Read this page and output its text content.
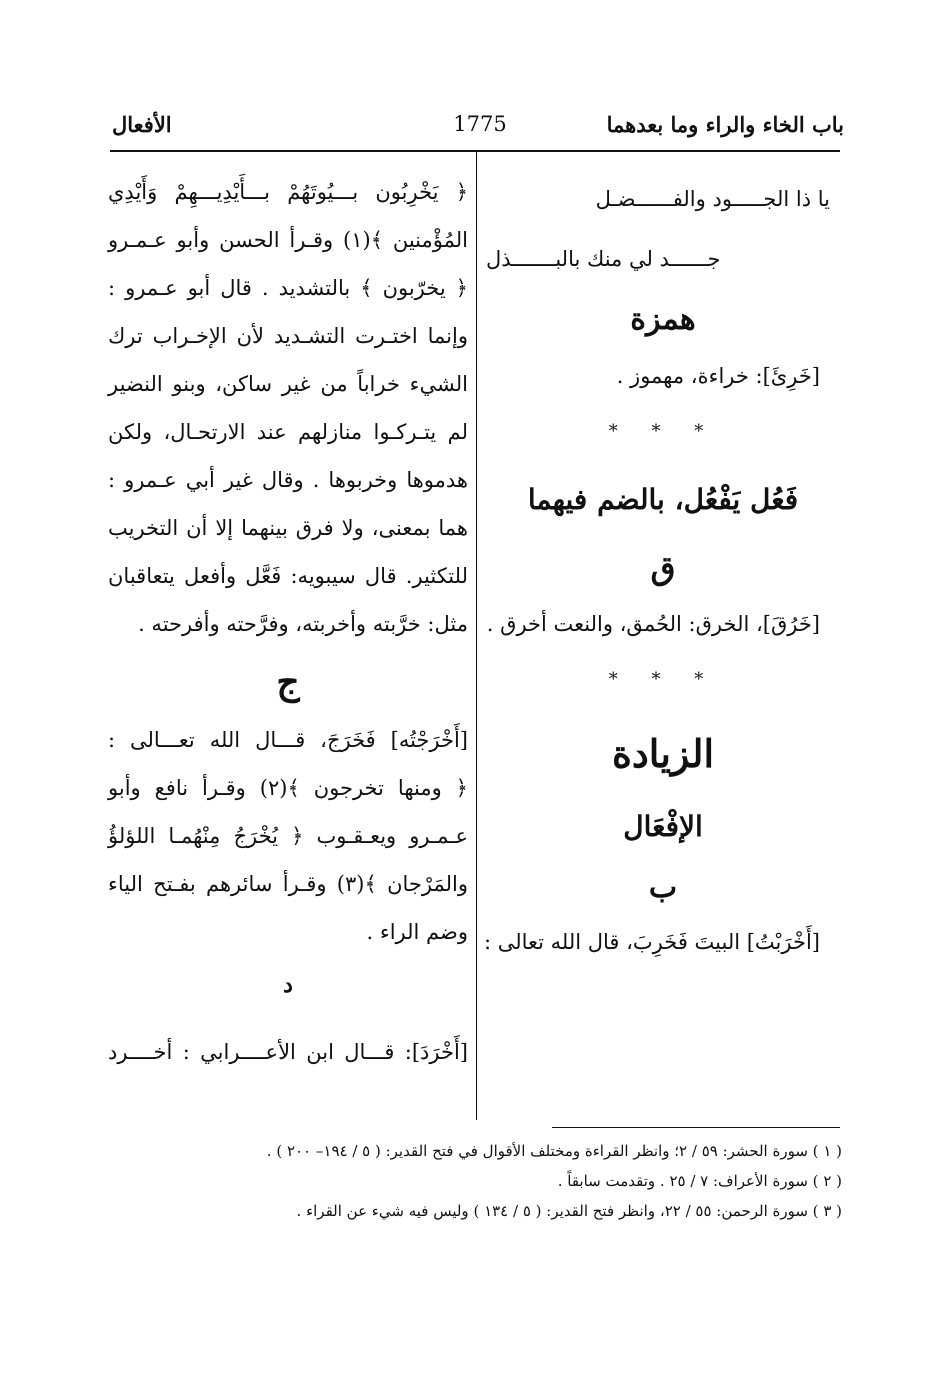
باب الخاء والراء وما بعدهما
1775
الأفعال
يا ذا الجـــــود والفــــــضـل
جــــــد لي منك بالبـــــــذل
همزة
[خَرِئَ]: خراءة، مهموز .
* * *
فَعُل يَفْعُل، بالضم فيهما
ق
[خَرُقَ]، الخرق: الحُمق، والنعت أخرق .
* * *
الزيادة
الإفْعَال
ب
[أَخْرَبْتُ] البيتَ فَخَرِبَ، قال الله تعالى :
﴿ يَخْرِبُون بـــيُوتَهُمْ بـــأَيْدِيـــهِمْ وَأَيْدِي
المُؤْمنين ﴾(١) وقـرأ الحسن وأبو عـمـرو
﴿ يخرّبون ﴾ بالتشديد . قال أبو عـمرو :
وإنما اختـرت التشـديد لأن الإخـراب ترك
الشيء خراباً من غير ساكن، وبنو النضير
لم يتـركـوا منازلهم عند الارتحـال، ولكن
هدموها وخربوها . وقال غير أبي عـمرو :
هما بمعنى، ولا فرق بينهما إلا أن التخريب
للتكثير. قال سيبويه: فَعَّل وأفعل يتعاقبان
مثل: خرَّبته وأخربته، وفرَّحته وأفرحته .
ج
[أَخْرَجْتُه] فَخَرَجَ، قـــال الله تعـــالى :
﴿ ومنها تخرجون ﴾(٢) وقـرأ نافع وأبو
عـمـرو ويعـقـوب ﴿ يُخْرَجُ مِنْهُمـا اللؤلؤُ
والمَرْجان ﴾(٣) وقـرأ سائرهم بفـتح الياء
وضم الراء .
د
[أَخْرَدَ]: قـــال ابن الأعــــرابي : أخــــرد
( ١ ) سورة الحشر: ٥٩ / ٢؛ وانظر القراءة ومختلف الأقوال في فتح القدير: ( ٥ / ١٩٤– ٢٠٠ ) .
( ٢ ) سورة الأعراف: ٧ / ٢٥ . وتقدمت سابقاً .
( ٣ ) سورة الرحمن: ٥٥ / ٢٢، وانظر فتح القدير: ( ٥ / ١٣٤ ) وليس فيه شيء عن القراء .
